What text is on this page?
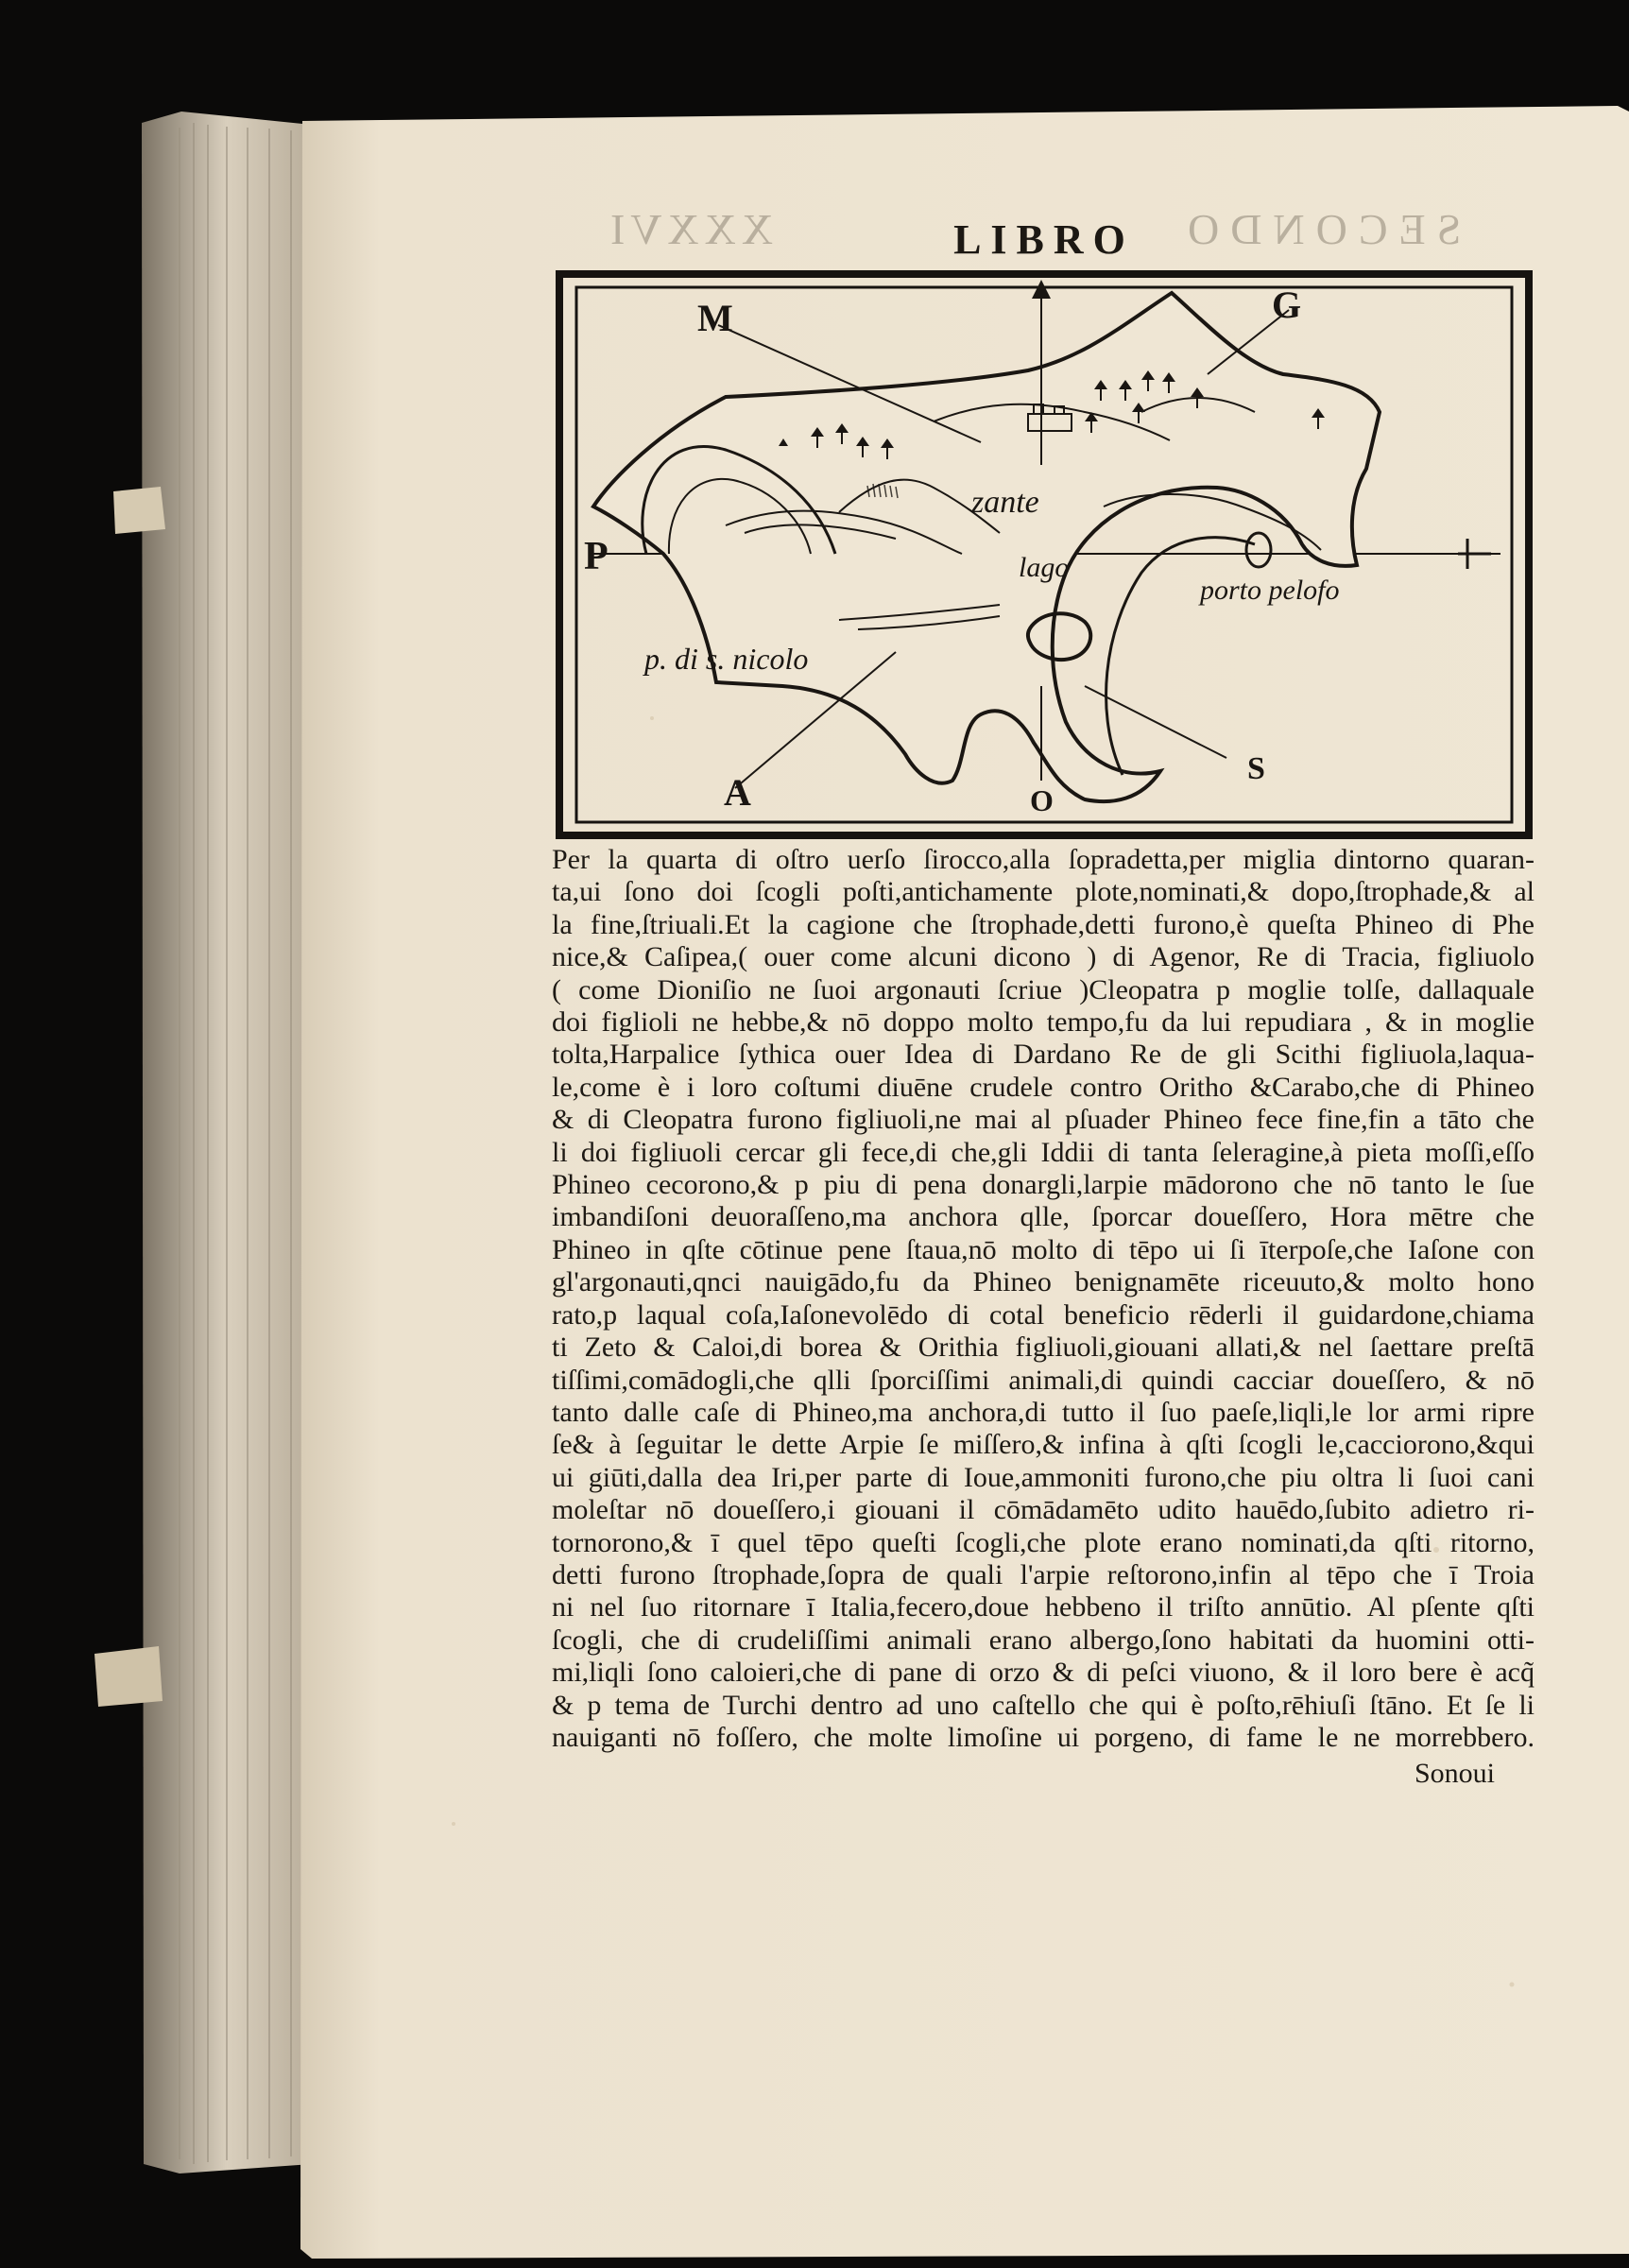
XXXVI	SECONDO
LIBRO
M	G
P
A	O
S
zante
lago
porto pelofo
p. di s. nicolo
Per la quarta di oſtro uerſo ſirocco,alla ſopradetta,per miglia dintorno quaran-
ta,ui ſono doi ſcogli poſti,antichamente plote,nominati,& dopo,ſtrophade,& al
la fine,ſtriuali.Et la cagione che ſtrophade,detti furono,è queſta Phineo di Phe
nice,& Caſipea,( ouer come alcuni dicono ) di Agenor, Re di Tracia, figliuolo
( come Dioniſio ne ſuoi argonauti ſcriue )Cleopatra p moglie tolſe, dallaquale
doi figlioli ne hebbe,& nō doppo molto tempo,fu da lui repudiara , & in moglie
tolta,Harpalice ſythica ouer Idea di Dardano Re de gli Scithi figliuola,laqua-
le,come è i loro coſtumi diuēne crudele contro Oritho &Carabo,che di Phineo
& di Cleopatra furono figliuoli,ne mai al pſuader Phineo fece fine,fin a tāto che
li doi figliuoli cercar gli fece,di che,gli Iddii di tanta ſeleragine,à pieta moſſi,eſſo
Phineo cecorono,& p piu di pena donargli,larpie mādorono che nō tanto le ſue
imbandiſoni deuoraſſeno,ma anchora qlle, ſporcar doueſſero, Hora mētre che
Phineo in qſte cōtinue pene ſtaua,nō molto di tēpo ui ſi īterpoſe,che Iaſone con
gl'argonauti,qnci nauigādo,fu da Phineo benignamēte riceuuto,& molto hono
rato,p laqual coſa,Iaſonevolēdo di cotal beneficio rēderli il guidardone,chiama
ti Zeto & Caloi,di borea & Orithia figliuoli,giouani allati,& nel ſaettare preſtā
tiſſimi,comādogli,che qlli ſporciſſimi animali,di quindi cacciar doueſſero, & nō
tanto dalle caſe di Phineo,ma anchora,di tutto il ſuo paeſe,liqli,le lor armi ripre
ſe& à ſeguitar le dette Arpie ſe miſſero,& infina à qſti ſcogli le,cacciorono,&qui
ui giūti,dalla dea Iri,per parte di Ioue,ammoniti furono,che piu oltra li ſuoi cani
moleſtar nō doueſſero,i giouani il cōmādamēto udito hauēdo,ſubito adietro ri-
tornorono,& ī quel tēpo queſti ſcogli,che plote erano nominati,da qſti ritorno,
detti furono ſtrophade,ſopra de quali l'arpie reſtorono,infin al tēpo che ī Troia
ni nel ſuo ritornare ī Italia,fecero,doue hebbeno il triſto annūtio. Al pſente qſti
ſcogli, che di crudeliſſimi animali erano albergo,ſono habitati da huomini otti-
mi,liqli ſono caloieri,che di pane di orzo & di peſci viuono, & il loro bere è acq̃
& p tema de Turchi dentro ad uno caſtello che qui è poſto,rēhiuſi ſtāno. Et ſe li
nauiganti nō foſſero, che molte limoſine ui porgeno, di fame le ne morrebbero.
Sonoui
